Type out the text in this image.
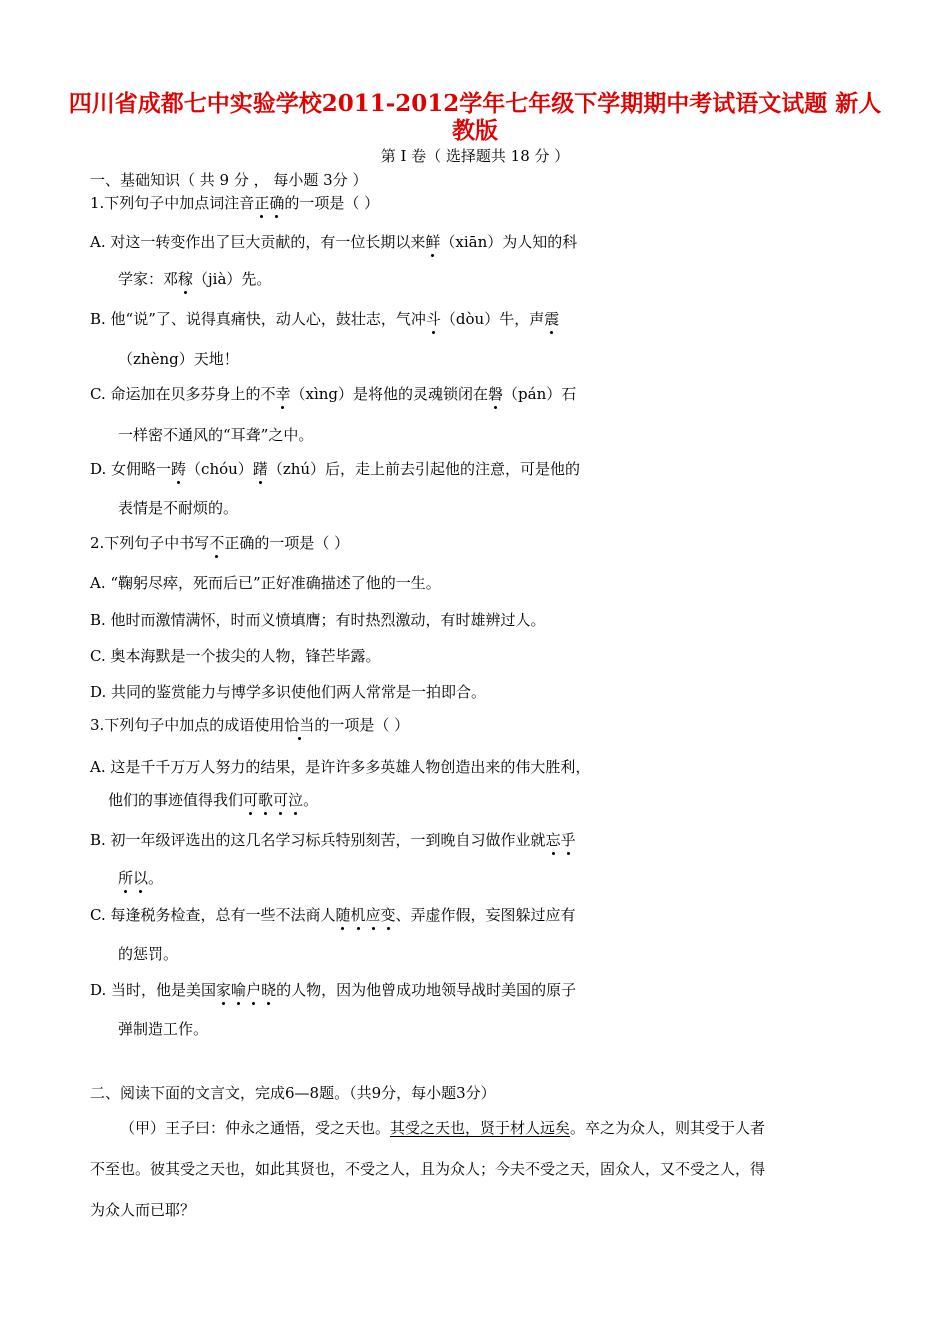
四川省成都七中实验学校2011-2012学年七年级下学期期中考试语文试题 新人教版
第 I 卷（ 选择题共 18 分 ）
一、基础知识（ 共 9 分 ， 每小题 3分 ）
1.下列句子中加点词注音正确的一项是（ ）
A. 对这一转变作出了巨大贡献的，有一位长期以来鲜（xiān）为人知的科
学家：邓稼（jià）先。
B. 他“说”了、说得真痛快，动人心，鼓壮志，气冲斗（dòu）牛，声震
（zhèng）天地！
C. 命运加在贝多芬身上的不幸（xìng）是将他的灵魂锁闭在磐（pán）石
一样密不通风的“耳聋”之中。
D. 女佣略一踌（chóu）躇（zhú）后，走上前去引起他的注意，可是他的
表情是不耐烦的。
2.下列句子中书写不正确的一项是（ ）
A. “鞠躬尽瘁，死而后已”正好准确描述了他的一生。
B. 他时而激情满怀，时而义愤填膺；有时热烈激动，有时雄辨过人。
C. 奥本海默是一个拔尖的人物，锋芒毕露。
D. 共同的鉴赏能力与博学多识使他们两人常常是一拍即合。
3.下列句子中加点的成语使用恰当的一项是（ ）
A. 这是千千万万人努力的结果，是许许多多英雄人物创造出来的伟大胜利，
他们的事迹值得我们可歌可泣。
B. 初一年级评选出的这几名学习标兵特别刻苦，一到晚自习做作业就忘乎
所以。
C. 每逢税务检查，总有一些不法商人随机应变、弄虚作假，妄图躲过应有
的惩罚。
D. 当时，他是美国家喻户晓的人物，因为他曾成功地领导战时美国的原子
弹制造工作。
二、阅读下面的文言文，完成6—8题。（共9分，每小题3分）
（甲）王子曰：仲永之通悟，受之天也。其受之天也，贤于材人远矣。卒之为众人，则其受于人者
不至也。彼其受之天也，如此其贤也，不受之人，且为众人；今夫不受之天，固众人，又不受之人，得
为众人而已耶？
